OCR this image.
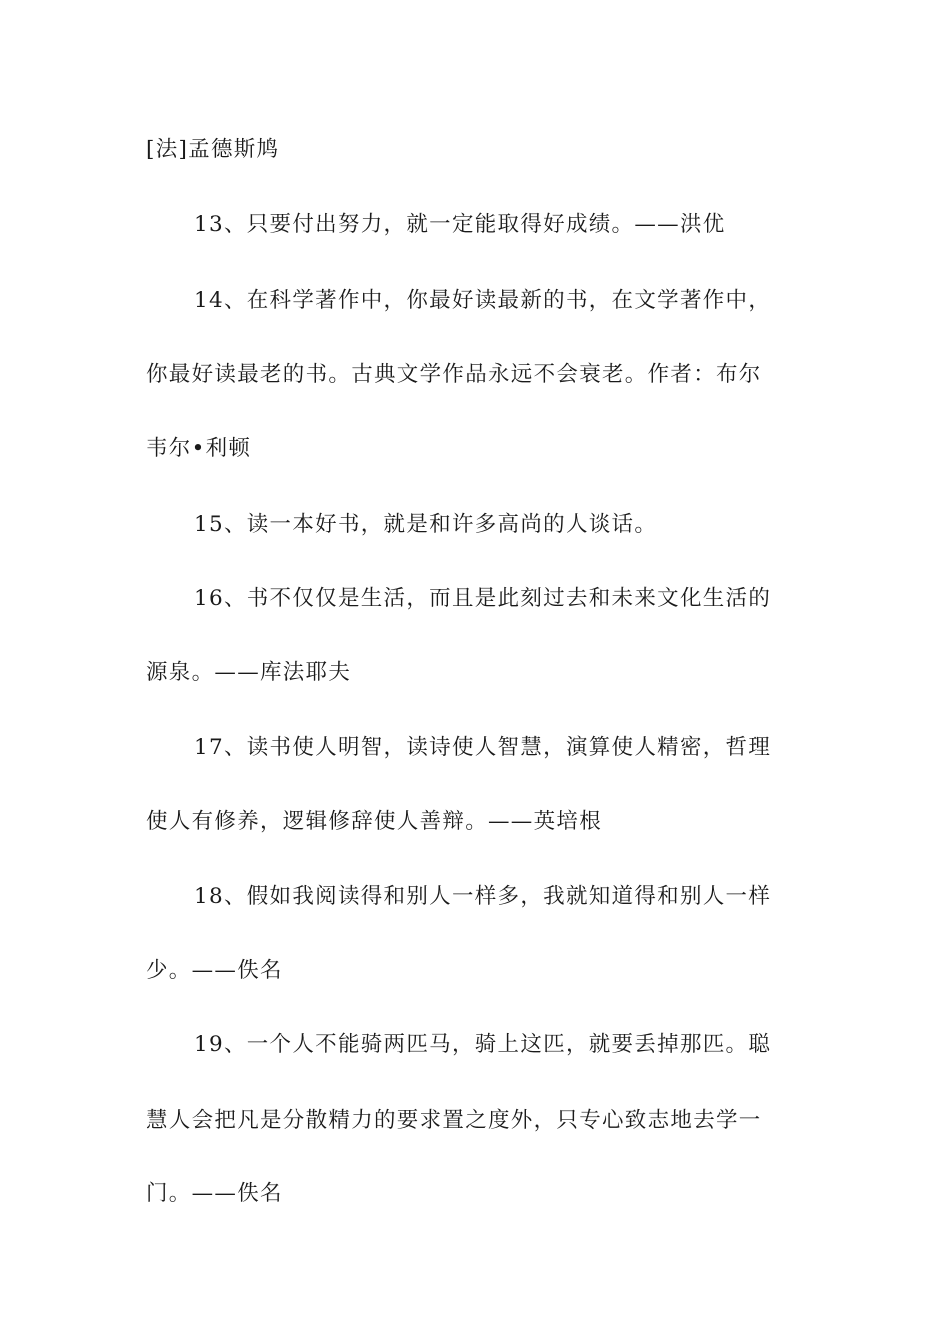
[法]孟德斯鸠
13、只要付出努力，就一定能取得好成绩。——洪优
14、在科学著作中，你最好读最新的书，在文学著作中，
你最好读最老的书。古典文学作品永远不会衰老。作者：布尔
韦尔•利顿
15、读一本好书，就是和许多高尚的人谈话。
16、书不仅仅是生活，而且是此刻过去和未来文化生活的
源泉。——库法耶夫
17、读书使人明智，读诗使人智慧，演算使人精密，哲理
使人有修养，逻辑修辞使人善辩。——英培根
18、假如我阅读得和别人一样多，我就知道得和别人一样
少。——佚名
19、一个人不能骑两匹马，骑上这匹，就要丢掉那匹。聪
慧人会把凡是分散精力的要求置之度外，只专心致志地去学一
门。——佚名
